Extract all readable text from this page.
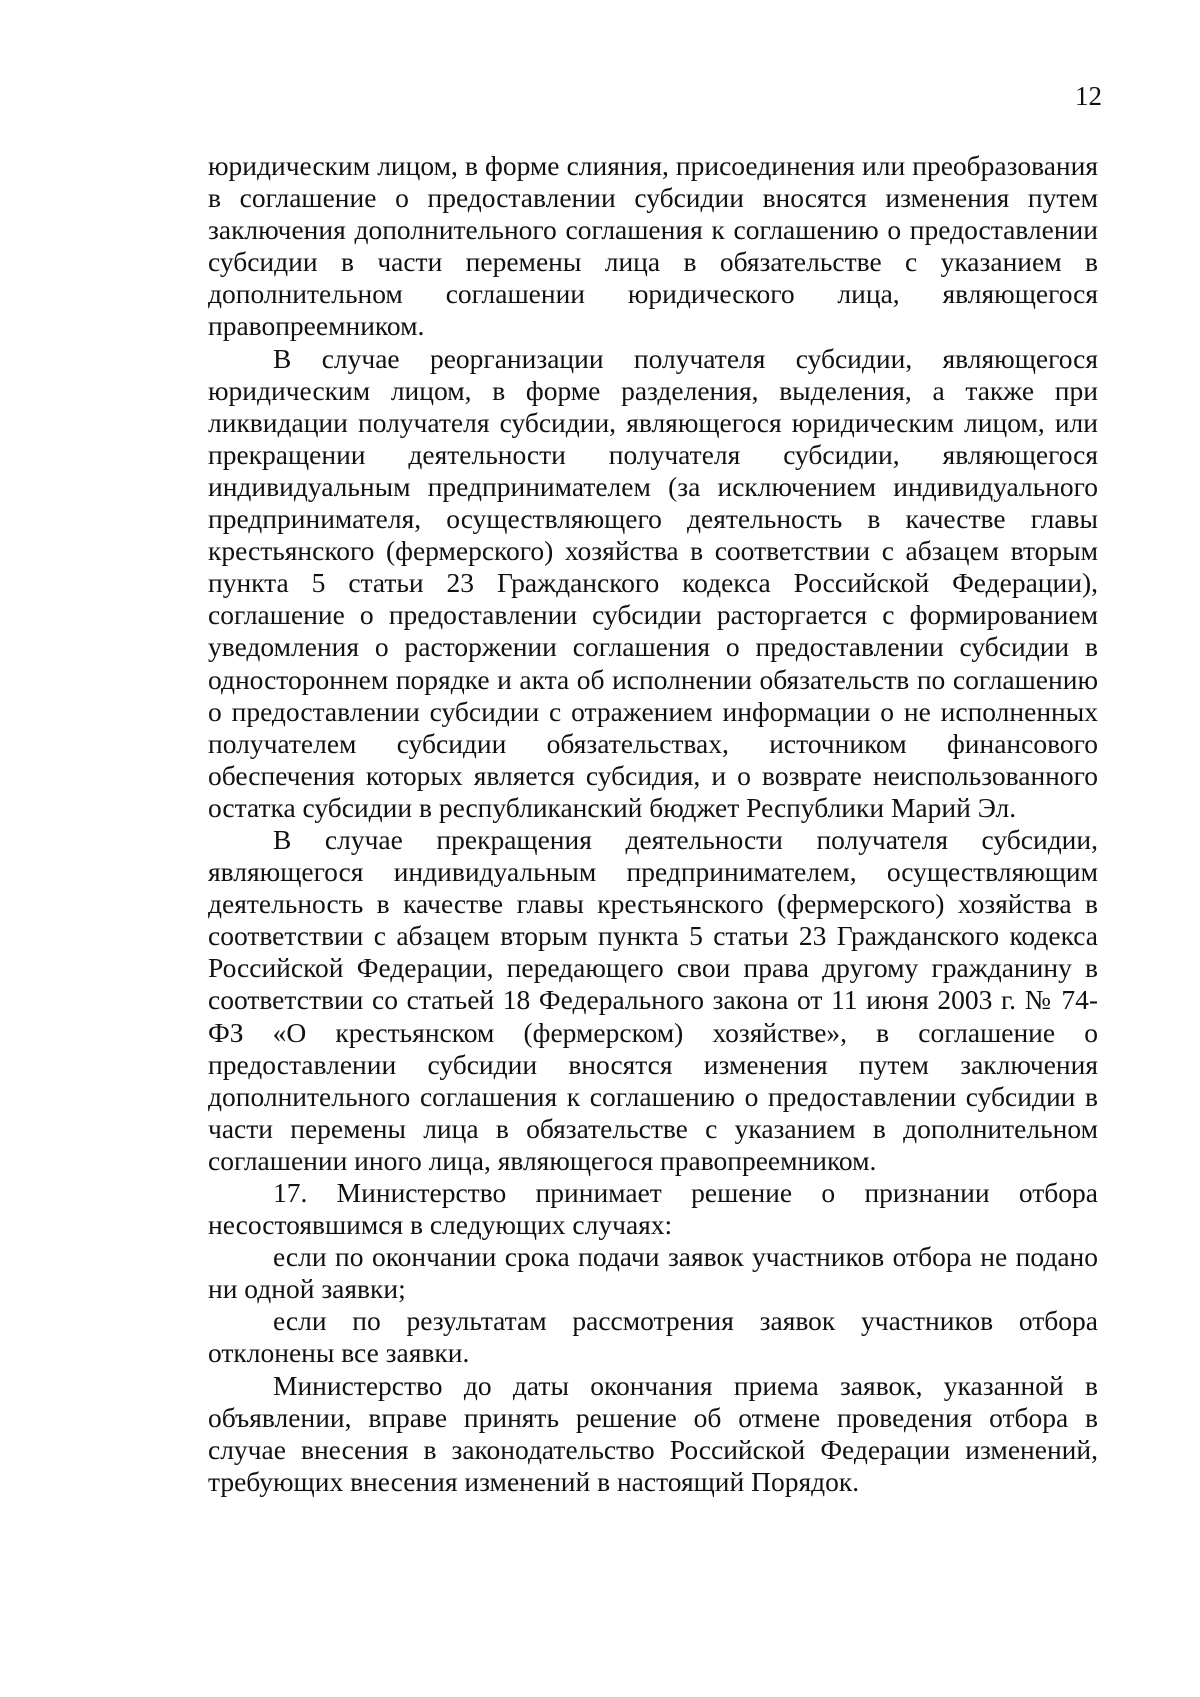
12

юридическим лицом, в форме слияния, присоединения или преобразования в соглашение о предоставлении субсидии вносятся изменения путем заключения дополнительного соглашения к соглашению о предоставлении субсидии в части перемены лица в обязательстве с указанием в дополнительном соглашении юридического лица, являющегося правопреемником.

В случае реорганизации получателя субсидии, являющегося юридическим лицом, в форме разделения, выделения, а также при ликвидации получателя субсидии, являющегося юридическим лицом, или прекращении деятельности получателя субсидии, являющегося индивидуальным предпринимателем (за исключением индивидуального предпринимателя, осуществляющего деятельность в качестве главы крестьянского (фермерского) хозяйства в соответствии с абзацем вторым пункта 5 статьи 23 Гражданского кодекса Российской Федерации), соглашение о предоставлении субсидии расторгается с формированием уведомления о расторжении соглашения о предоставлении субсидии в одностороннем порядке и акта об исполнении обязательств по соглашению о предоставлении субсидии с отражением информации о не исполненных получателем субсидии обязательствах, источником финансового обеспечения которых является субсидия, и о возврате неиспользованного остатка субсидии в республиканский бюджет Республики Марий Эл.

В случае прекращения деятельности получателя субсидии, являющегося индивидуальным предпринимателем, осуществляющим деятельность в качестве главы крестьянского (фермерского) хозяйства в соответствии с абзацем вторым пункта 5 статьи 23 Гражданского кодекса Российской Федерации, передающего свои права другому гражданину в соответствии со статьей 18 Федерального закона от 11 июня 2003 г. № 74-ФЗ «О крестьянском (фермерском) хозяйстве», в соглашение о предоставлении субсидии вносятся изменения путем заключения дополнительного соглашения к соглашению о предоставлении субсидии в части перемены лица в обязательстве с указанием в дополнительном соглашении иного лица, являющегося правопреемником.

17. Министерство принимает решение о признании отбора несостоявшимся в следующих случаях:

если по окончании срока подачи заявок участников отбора не подано ни одной заявки;

если по результатам рассмотрения заявок участников отбора отклонены все заявки.

Министерство до даты окончания приема заявок, указанной в объявлении, вправе принять решение об отмене проведения отбора в случае внесения в законодательство Российской Федерации изменений, требующих внесения изменений в настоящий Порядок.
